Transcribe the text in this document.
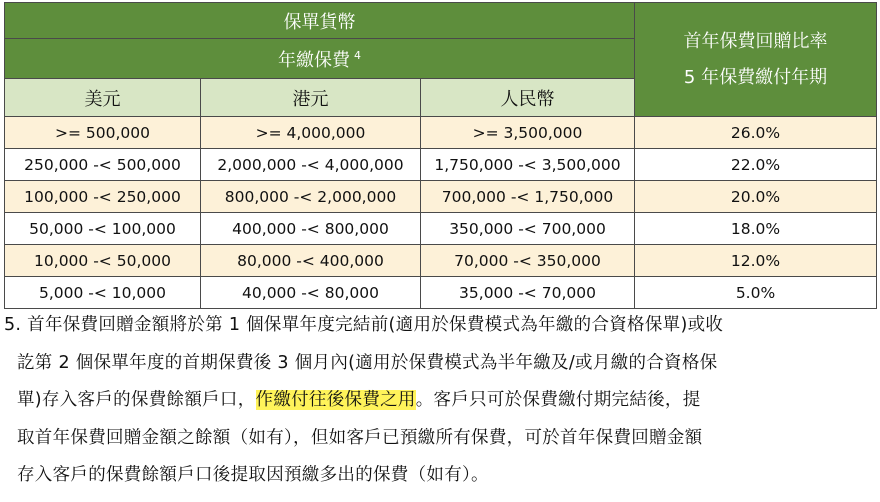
保單貨幣			首年保費回贈比率
5 年保費繳付年期

年繳保費 $^4$
美元	港元	人民幣	
>= 500,000	>= 4,000,000	>= 3,500,000	26.0%
250,000 -< 500,000	2,000,000 -< 4,000,000	1,750,000 -< 3,500,000	22.0%
100,000 -< 250,000	800,000 -< 2,000,000	700,000 -< 1,750,000	20.0%
50,000 -< 100,000	400,000 -< 800,000	350,000 -< 700,000	18.0%
10,000 -< 50,000	80,000 -< 400,000	70,000 -< 350,000	12.0%
5,000 -< 10,000	40,000 -< 80,000	35,000 -< 70,000	5.0%
5. 首年保費回贈金額將於第 1 個保單年度完結前(適用於保費模式為年繳的合資格保單)或收
訖第 2 個保單年度的首期保費後 3 個月內(適用於保費模式為半年繳及/或月繳的合資格保
單)存入客戶的保費餘額戶口，作繳付往後保費之用。客戶只可於保費繳付期完結後，提
取首年保費回贈金額之餘額（如有），但如客戶已預繳所有保費，可於首年保費回贈金額
存入客戶的保費餘額戶口後提取因預繳多出的保費（如有）。
